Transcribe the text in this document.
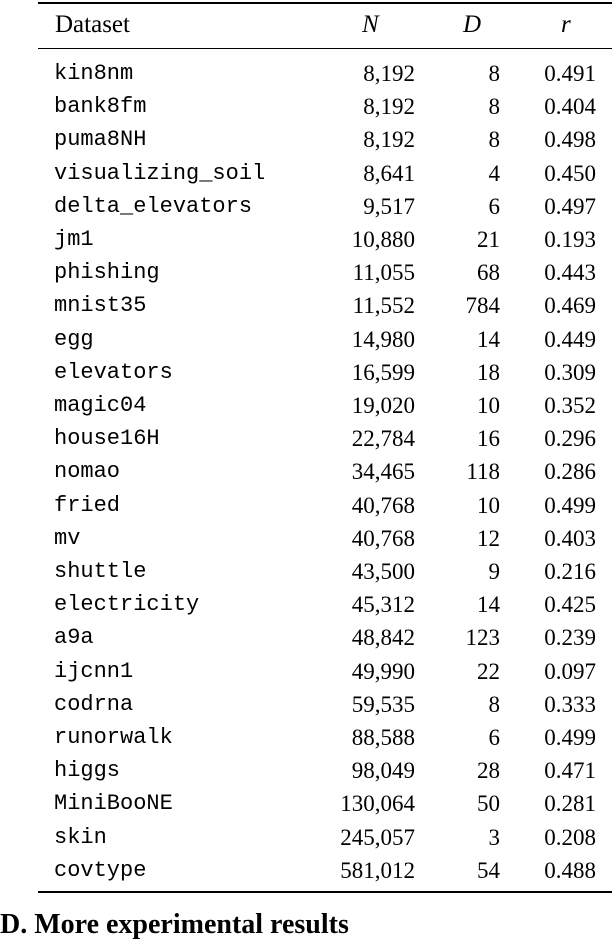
Dataset	N	D	r
kin8nm	8,192	8 0.491
bank8fm	8,192	8 0.404
puma8NH	8,192	8 0.498
visualizing_soil	8,641	4 0.450
delta_elevators	9,517	6 0.497
jm1	10,880	21 0.193
phishing	11,055	68 0.443
mnist35	11,552 784 0.469
egg	14,980	14 0.449
elevators	16,599	18 0.309
magic04	19,020	10 0.352
house16H	22,784	16 0.296
nomao	34,465 118 0.286
fried	40,768	10 0.499
mv	40,768	12 0.403
shuttle	43,500	9 0.216
electricity	45,312	14 0.425
a9a	48,842 123 0.239
ijcnn1	49,990	22 0.097
codrna	59,535	8 0.333
runorwalk	88,588	6 0.499
higgs	98,049	28 0.471
MiniBooNE	130,064	50 0.281
skin	245,057	3 0.208
covtype	581,012	54 0.488
D. More experimental results
